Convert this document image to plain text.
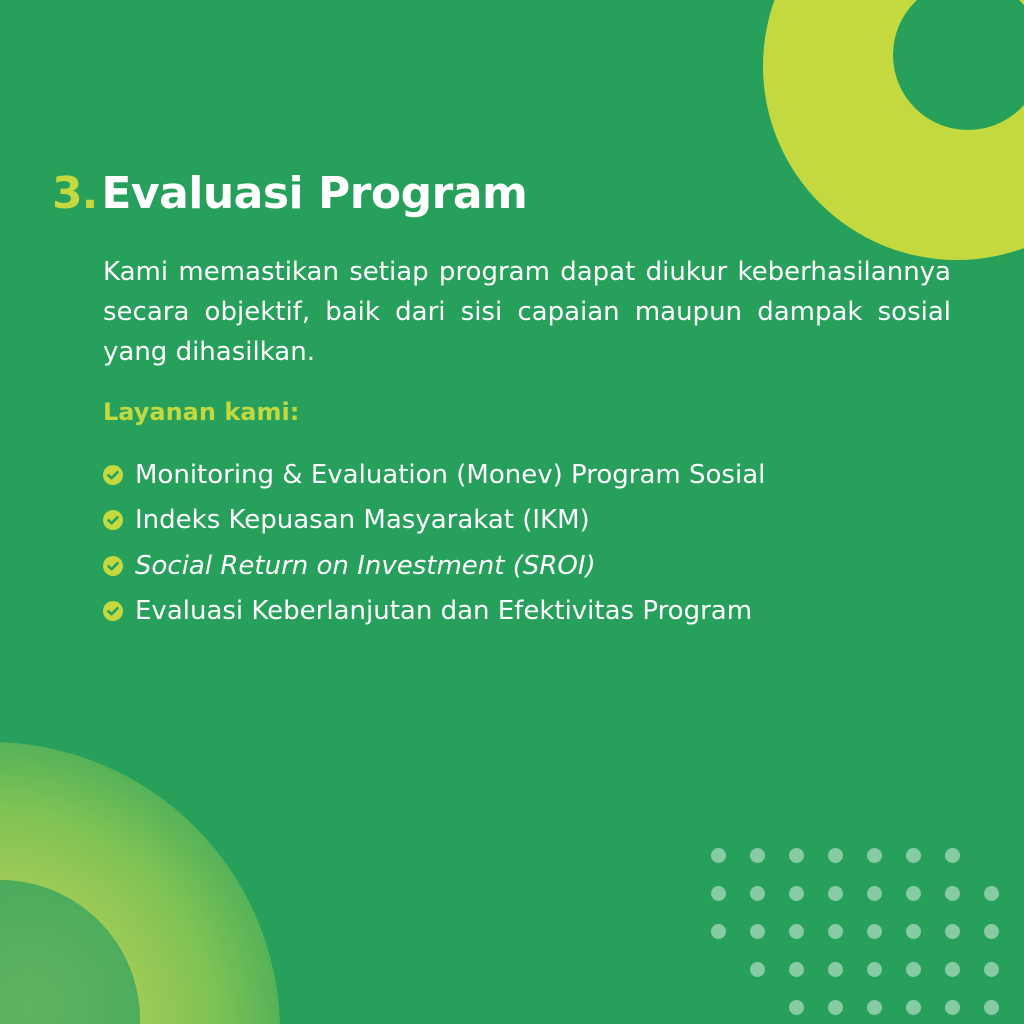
3.Evaluasi Program
Kami memastikan setiap program dapat diukur keberhasilannya secara objektif, baik dari sisi capaian maupun dampak sosial yang dihasilkan.
Layanan kami:
Monitoring & Evaluation (Monev) Program Sosial
Indeks Kepuasan Masyarakat (IKM)
Social Return on Investment (SROI)
Evaluasi Keberlanjutan dan Efektivitas Program
